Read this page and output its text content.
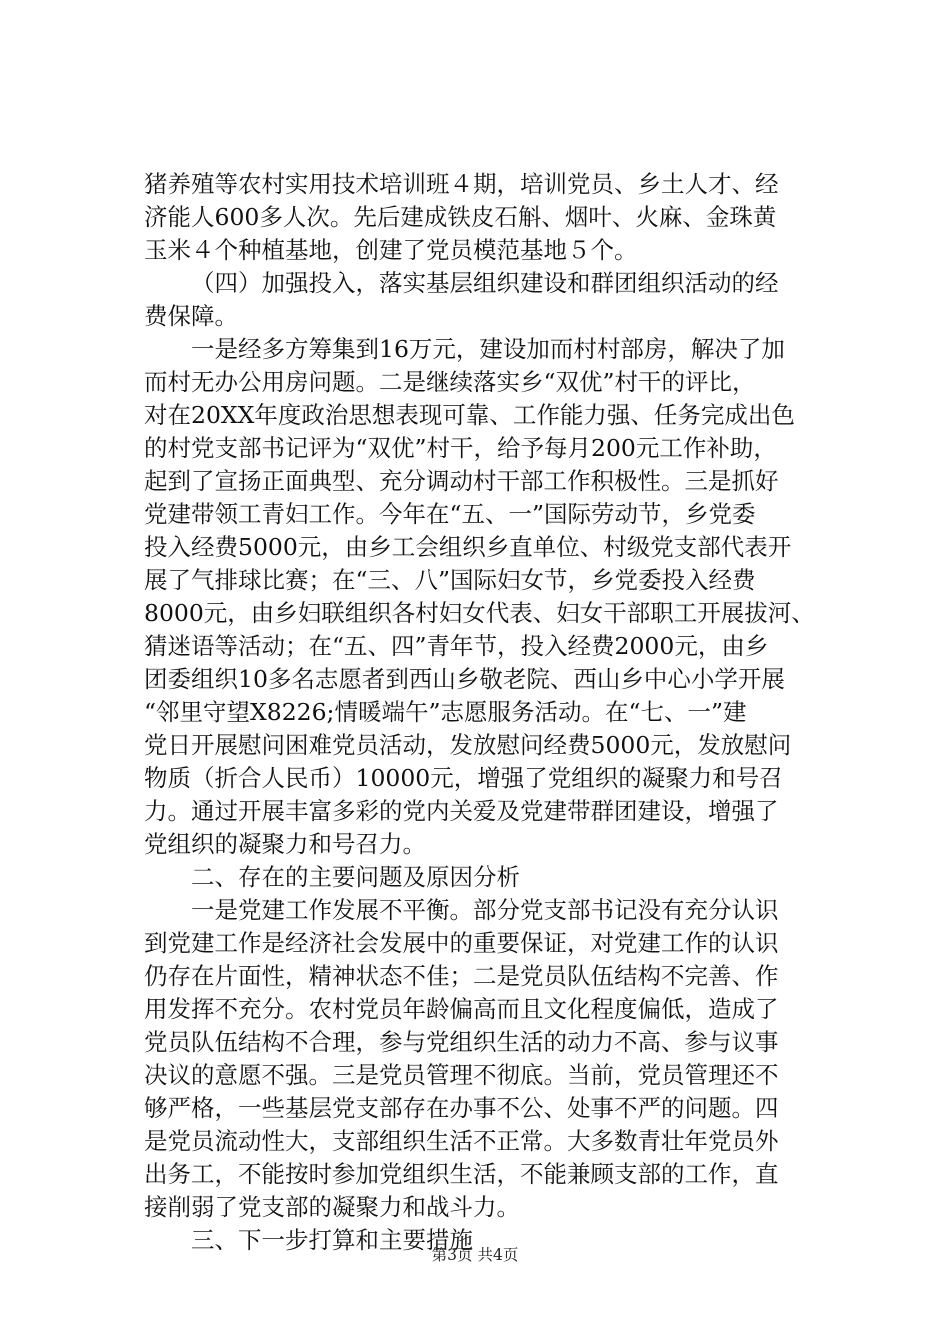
猪养殖等农村实用技术培训班４期，培训党员、乡土人才、经
济能人600多人次。先后建成铁皮石斛、烟叶、火麻、金珠黄
玉米４个种植基地，创建了党员模范基地５个。
（四）加强投入，落实基层组织建设和群团组织活动的经
费保障。
一是经多方筹集到16万元，建设加而村村部房，解决了加
而村无办公用房问题。二是继续落实乡“双优”村干的评比，
对在20XX年度政治思想表现可靠、工作能力强、任务完成出色
的村党支部书记评为“双优”村干，给予每月200元工作补助，
起到了宣扬正面典型、充分调动村干部工作积极性。三是抓好
党建带领工青妇工作。今年在“五、一”国际劳动节，乡党委
投入经费5000元，由乡工会组织乡直单位、村级党支部代表开
展了气排球比赛；在“三、八”国际妇女节，乡党委投入经费
8000元，由乡妇联组织各村妇女代表、妇女干部职工开展拔河、
猜迷语等活动；在“五、四”青年节，投入经费2000元，由乡
团委组织10多名志愿者到西山乡敬老院、西山乡中心小学开展
“邻里守望X8226;情暖端午”志愿服务活动。在“七、一”建
党日开展慰问困难党员活动，发放慰问经费5000元，发放慰问
物质（折合人民币）10000元，增强了党组织的凝聚力和号召
力。通过开展丰富多彩的党内关爱及党建带群团建设，增强了
党组织的凝聚力和号召力。
二、存在的主要问题及原因分析
一是党建工作发展不平衡。部分党支部书记没有充分认识
到党建工作是经济社会发展中的重要保证，对党建工作的认识
仍存在片面性，精神状态不佳；二是党员队伍结构不完善、作
用发挥不充分。农村党员年龄偏高而且文化程度偏低，造成了
党员队伍结构不合理，参与党组织生活的动力不高、参与议事
决议的意愿不强。三是党员管理不彻底。当前，党员管理还不
够严格，一些基层党支部存在办事不公、处事不严的问题。四
是党员流动性大，支部组织生活不正常。大多数青壮年党员外
出务工，不能按时参加党组织生活，不能兼顾支部的工作，直
接削弱了党支部的凝聚力和战斗力。
三、下一步打算和主要措施
第3页 共4页
